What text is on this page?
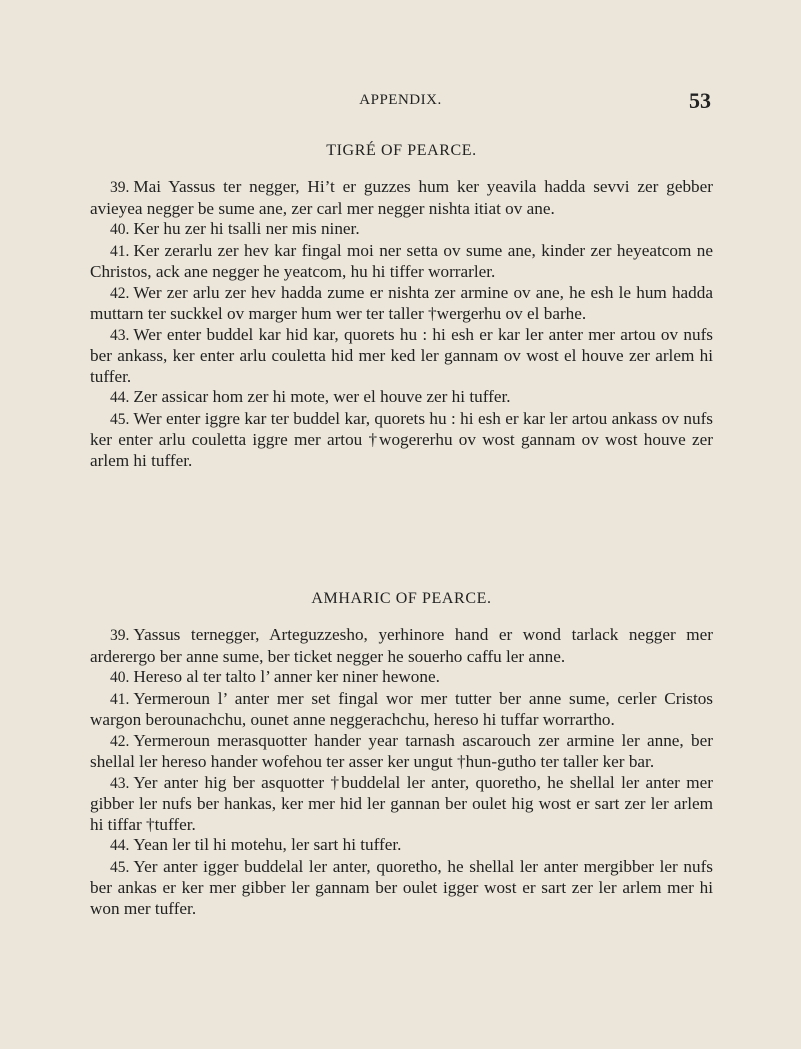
APPENDIX.	53
TIGRÉ OF PEARCE.

39. Mai Yassus ter negger, Hi’t er guzzes hum ker yeavila hadda sevvi zer gebber avieyea negger be sume ane, zer carl mer negger nishta itiat ov ane.

40. Ker hu zer hi tsalli ner mis niner.

41. Ker zerarlu zer hev kar fingal moi ner setta ov sume ane, kinder zer heyeatcom ne Christos, ack ane negger he yeatcom, hu hi tiffer worrarler.

42. Wer zer arlu zer hev hadda zume er nishta zer armine ov ane, he esh le hum hadda muttarn ter suckkel ov marger hum wer ter taller †wergerhu ov el barhe.

43. Wer enter buddel kar hid kar, quorets hu : hi esh er kar ler anter mer artou ov nufs ber ankass, ker enter arlu couletta hid mer ked ler gannam ov wost el houve zer arlem hi tuffer.

44. Zer assicar hom zer hi mote, wer el houve zer hi tuffer.

45. Wer enter iggre kar ter buddel kar, quorets hu : hi esh er kar ler artou ankass ov nufs ker enter arlu couletta iggre mer artou †wogererhu ov wost gannam ov wost houve zer arlem hi tuffer.

AMHARIC OF PEARCE.

39. Yassus ternegger, Arteguzzesho, yerhinore hand er wond tarlack negger mer arderergo ber anne sume, ber ticket negger he souerho caffu ler anne.

40. Hereso al ter talto l’ anner ker niner hewone.

41. Yermeroun l’ anter mer set fingal wor mer tutter ber anne sume, cerler Cristos wargon berounachchu, ounet anne neggerachchu, hereso hi tuffar worrartho.

42. Yermeroun merasquotter hander year tarnash ascarouch zer armine ler anne, ber shellal ler hereso hander wofehou ter asser ker ungut †hun-gutho ter taller ker bar.

43. Yer anter hig ber asquotter †buddelal ler anter, quoretho, he shellal ler anter mer gibber ler nufs ber hankas, ker mer hid ler gannan ber oulet hig wost er sart zer ler arlem hi tiffar †tuffer.

44. Yean ler til hi motehu, ler sart hi tuffer.

45. Yer anter igger buddelal ler anter, quoretho, he shellal ler anter mergibber ler nufs ber ankas er ker mer gibber ler gannam ber oulet igger wost er sart zer ler arlem mer hi won mer tuffer.
